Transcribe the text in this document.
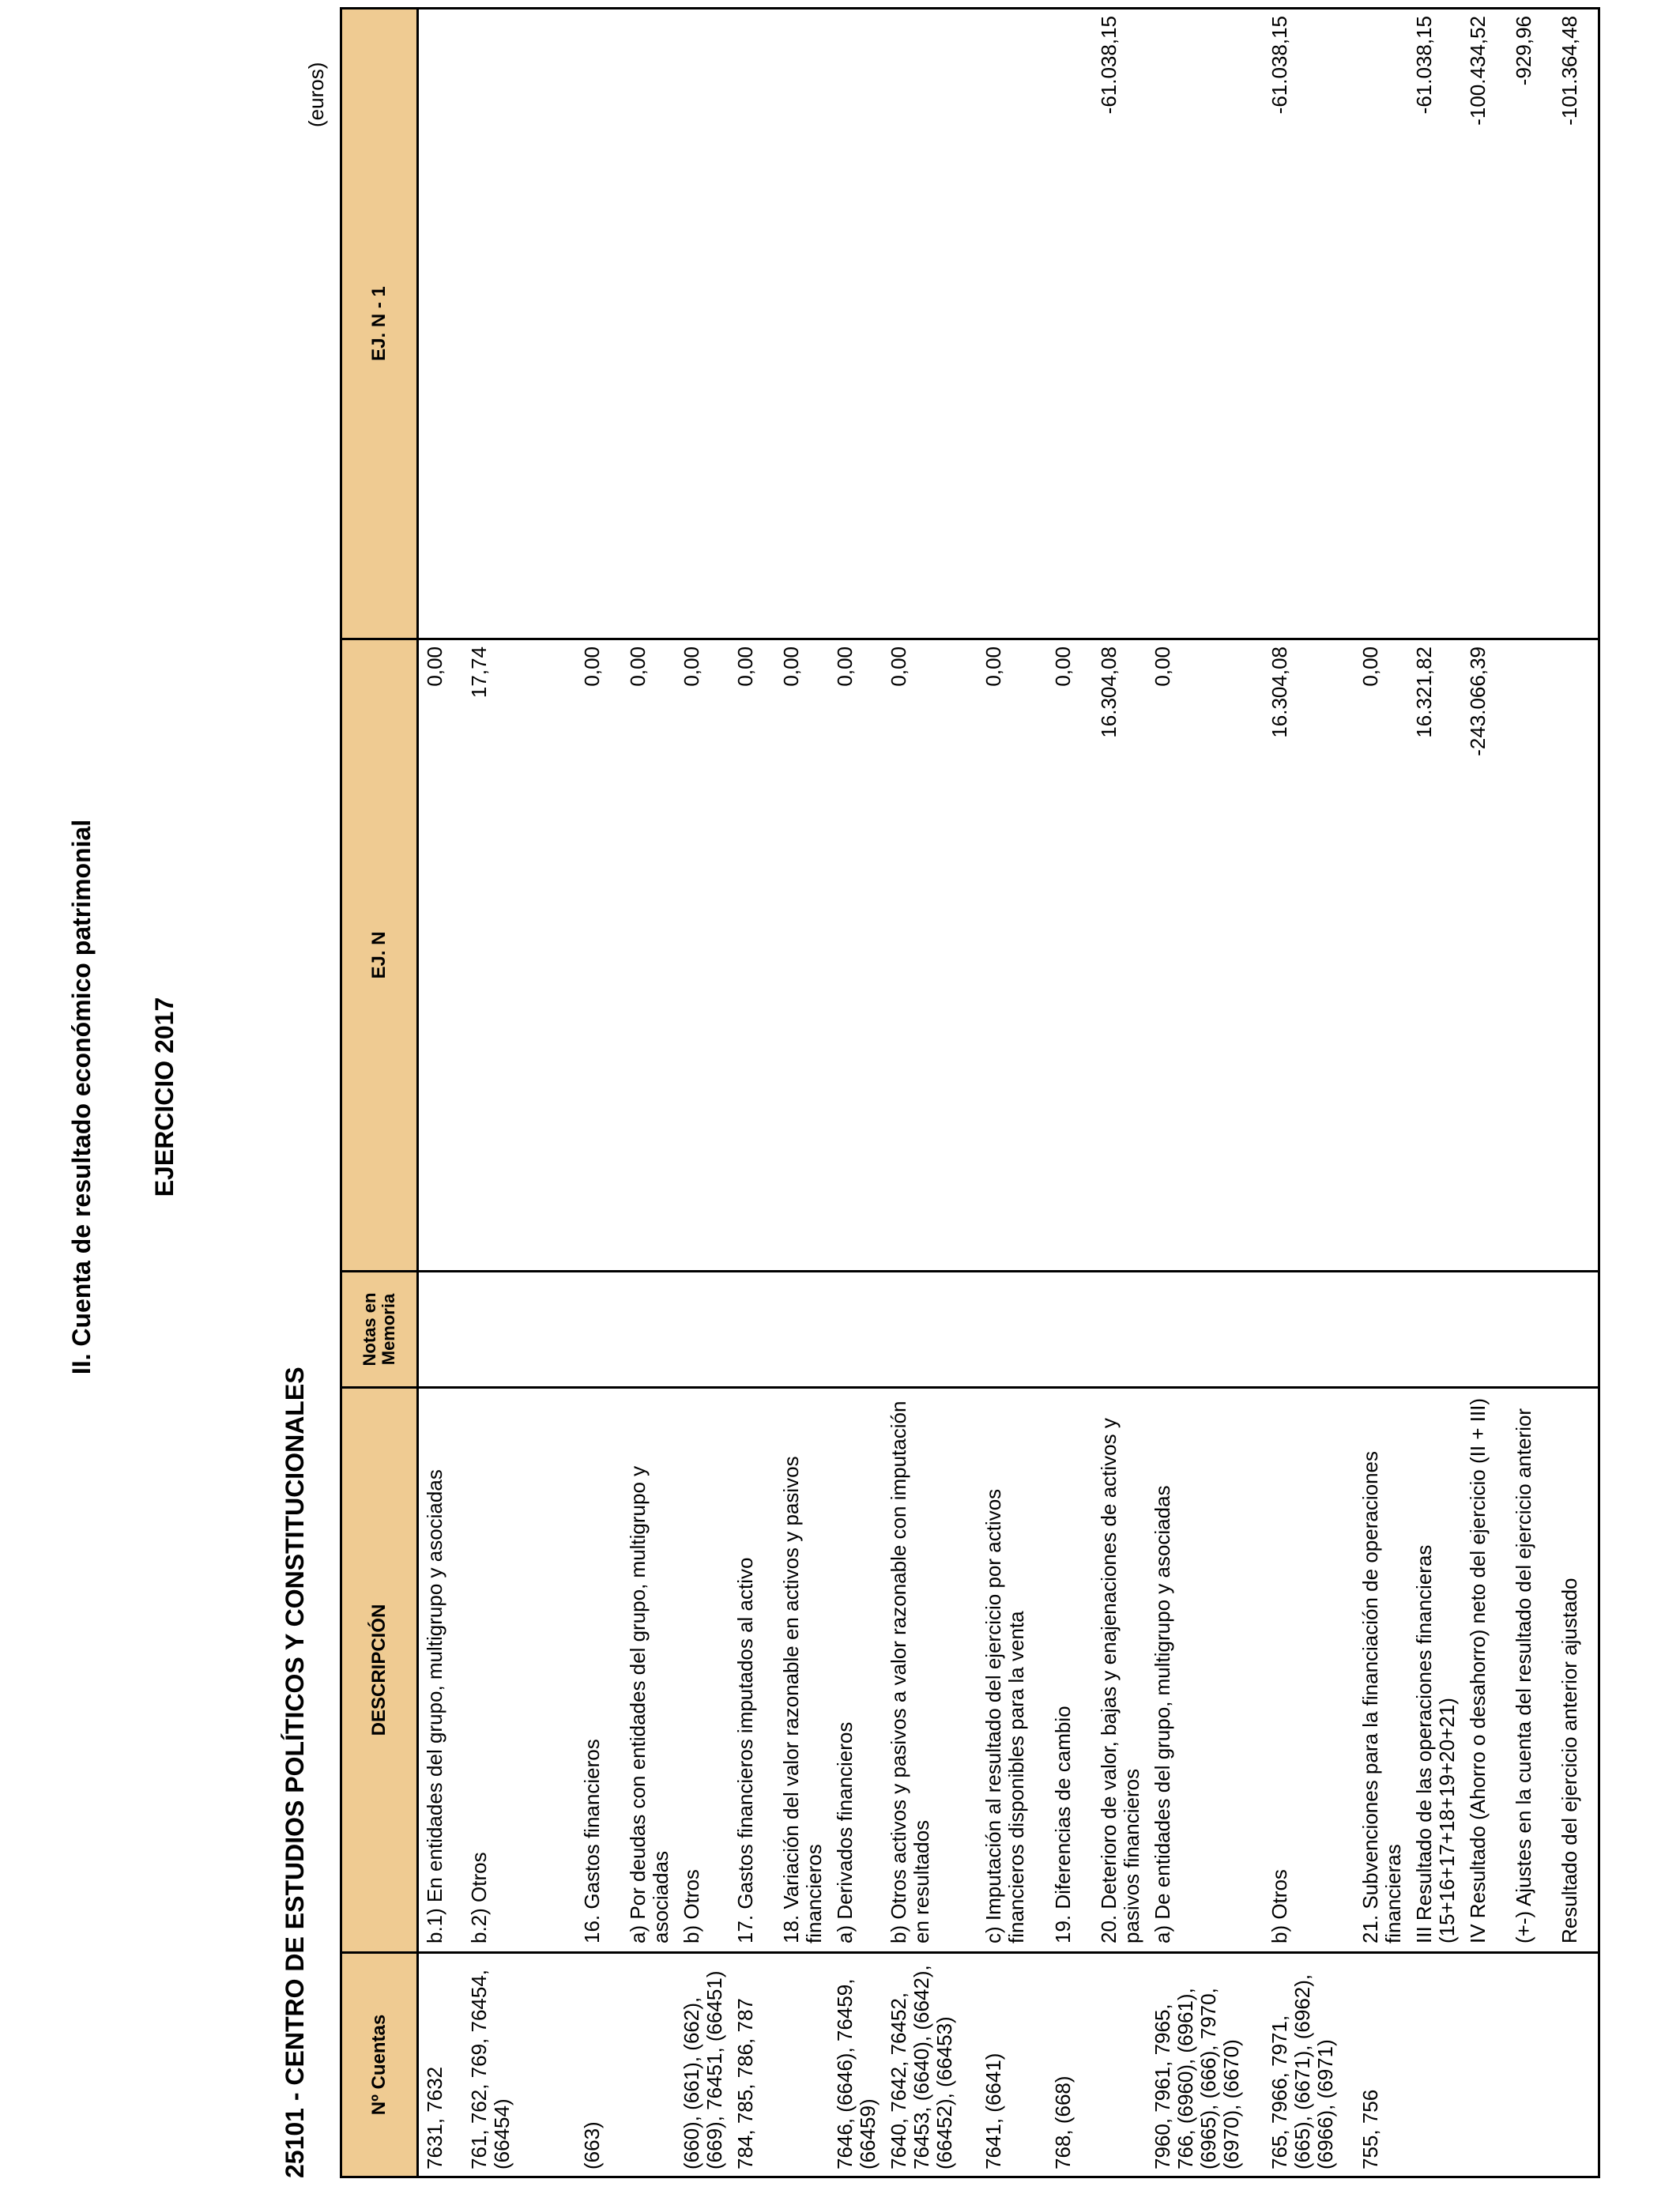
II. Cuenta de resultado económico patrimonial EJERCICIO 2017
25101 - CENTRO DE ESTUDIOS POLÍTICOS Y CONSTITUCIONALES
(euros)
Nº Cuentas	DESCRIPCIÓN	Notas en Memoria	EJ. N	EJ. N - 1
7631, 7632	b.1) En entidades del grupo, multigrupo y asociadas		0,00	
761, 762, 769, 76454, (66454)	b.2) Otros		17,74	

(663)	16. Gastos financieros		0,00	
	a) Por deudas con entidades del grupo, multigrupo y asociadas		0,00	
(660), (661), (662), (669), 76451, (66451)	b) Otros		0,00	
784, 785, 786, 787	17. Gastos financieros imputados al activo		0,00	
	18. Variación del valor razonable en activos y pasivos financieros		0,00	
7646, (6646), 76459, (66459)	a) Derivados financieros		0,00	
7640, 7642, 76452, 76453, (6640), (6642), (66452), (66453)	b) Otros activos y pasivos a valor razonable con imputación en resultados		0,00	
7641, (6641)	c) Imputación al resultado del ejercicio por activos financieros disponibles para la venta		0,00	
768, (668)	19. Diferencias de cambio		0,00	
	20. Deterioro de valor, bajas y enajenaciones de activos y pasivos financieros		16.304,08	-61.038,15
7960, 7961, 7965, 766, (6960), (6961), (6965), (666), 7970, (6970), (6670)	a) De entidades del grupo, multigrupo y asociadas		0,00	
765, 7966, 7971, (665), (6671), (6962), (6966), (6971)	b) Otros		16.304,08	-61.038,15
755, 756	21. Subvenciones para la financiación de operaciones financieras		0,00	
	III Resultado de las operaciones financieras (15+16+17+18+19+20+21)		16.321,82	-61.038,15
	IV Resultado (Ahorro o desahorro) neto del ejercicio (II + III)		-243.066,39	-100.434,52
	(+-) Ajustes en la cuenta del resultado del ejercicio anterior			-929,96
	Resultado del ejercicio anterior ajustado			-101.364,48
